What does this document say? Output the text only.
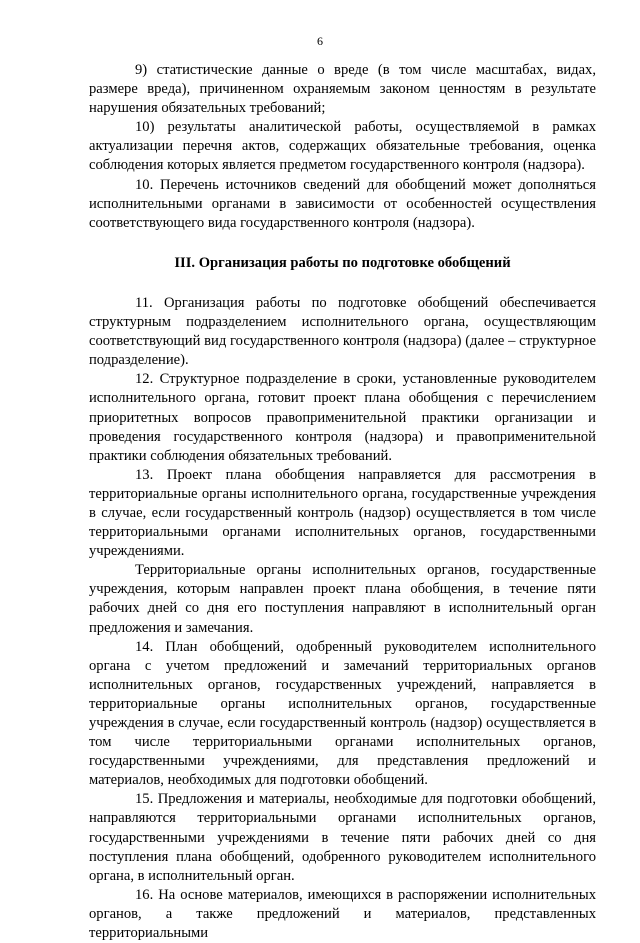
6

9) статистические данные о вреде (в том числе масштабах, видах, размере вреда), причиненном охраняемым законом ценностям в результате нарушения обязательных требований;

10) результаты аналитической работы, осуществляемой в рамках актуализации перечня актов, содержащих обязательные требования, оценка соблюдения которых является предметом государственного контроля (надзора).

10. Перечень источников сведений для обобщений может дополняться исполнительными органами в зависимости от особенностей осуществления соответствующего вида государственного контроля (надзора).

III. Организация работы по подготовке обобщений

11. Организация работы по подготовке обобщений обеспечивается структурным подразделением исполнительного органа, осуществляющим соответствующий вид государственного контроля (надзора) (далее – структурное подразделение).

12. Структурное подразделение в сроки, установленные руководителем исполнительного органа, готовит проект плана обобщения с перечислением приоритетных вопросов правоприменительной практики организации и проведения государственного контроля (надзора) и правоприменительной практики соблюдения обязательных требований.

13. Проект плана обобщения направляется для рассмотрения в территориальные органы исполнительного органа, государственные учреждения в случае, если государственный контроль (надзор) осуществляется в том числе территориальными органами исполнительных органов, государственными учреждениями.

Территориальные органы исполнительных органов, государственные учреждения, которым направлен проект плана обобщения, в течение пяти рабочих дней со дня его поступления направляют в исполнительный орган предложения и замечания.

14. План обобщений, одобренный руководителем исполнительного органа с учетом предложений и замечаний территориальных органов исполнительных органов, государственных учреждений, направляется в территориальные органы исполнительных органов, государственные учреждения в случае, если государственный контроль (надзор) осуществляется в том числе территориальными органами исполнительных органов, государственными учреждениями, для представления предложений и материалов, необходимых для подготовки обобщений.

15. Предложения и материалы, необходимые для подготовки обобщений, направляются территориальными органами исполнительных органов, государственными учреждениями в течение пяти рабочих дней со дня поступления плана обобщений, одобренного руководителем исполнительного органа, в исполнительный орган.

16. На основе материалов, имеющихся в распоряжении исполнительных органов, а также предложений и материалов, представленных территориальными
